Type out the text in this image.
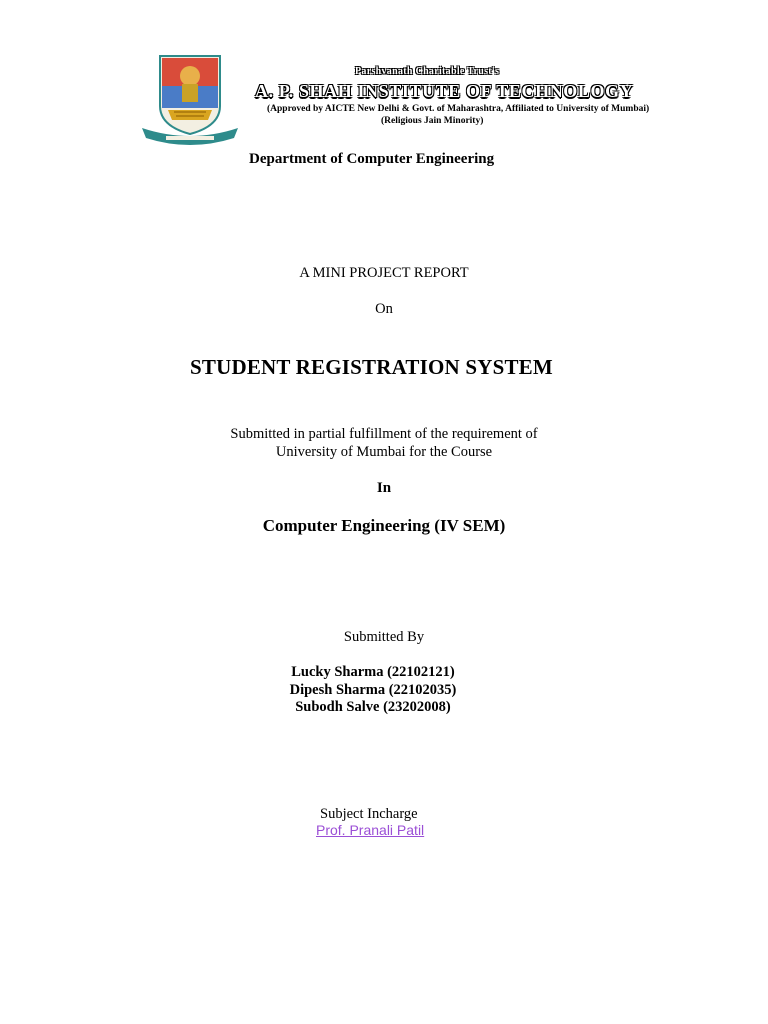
Parshvanath Charitable Trust's
A. P. SHAH INSTITUTE OF TECHNOLOGY
(Approved by AICTE New Delhi & Govt. of Maharashtra, Affiliated to University of Mumbai)
(Religious Jain Minority)
Department of Computer Engineering
A MINI PROJECT REPORT
On
STUDENT REGISTRATION SYSTEM
Submitted in partial fulfillment of the requirement of
University of Mumbai for the Course
In
Computer Engineering (IV SEM)
Submitted By
Lucky Sharma (22102121)
Dipesh Sharma (22102035)
Subodh Salve (23202008)
Subject Incharge
Prof. Pranali Patil
